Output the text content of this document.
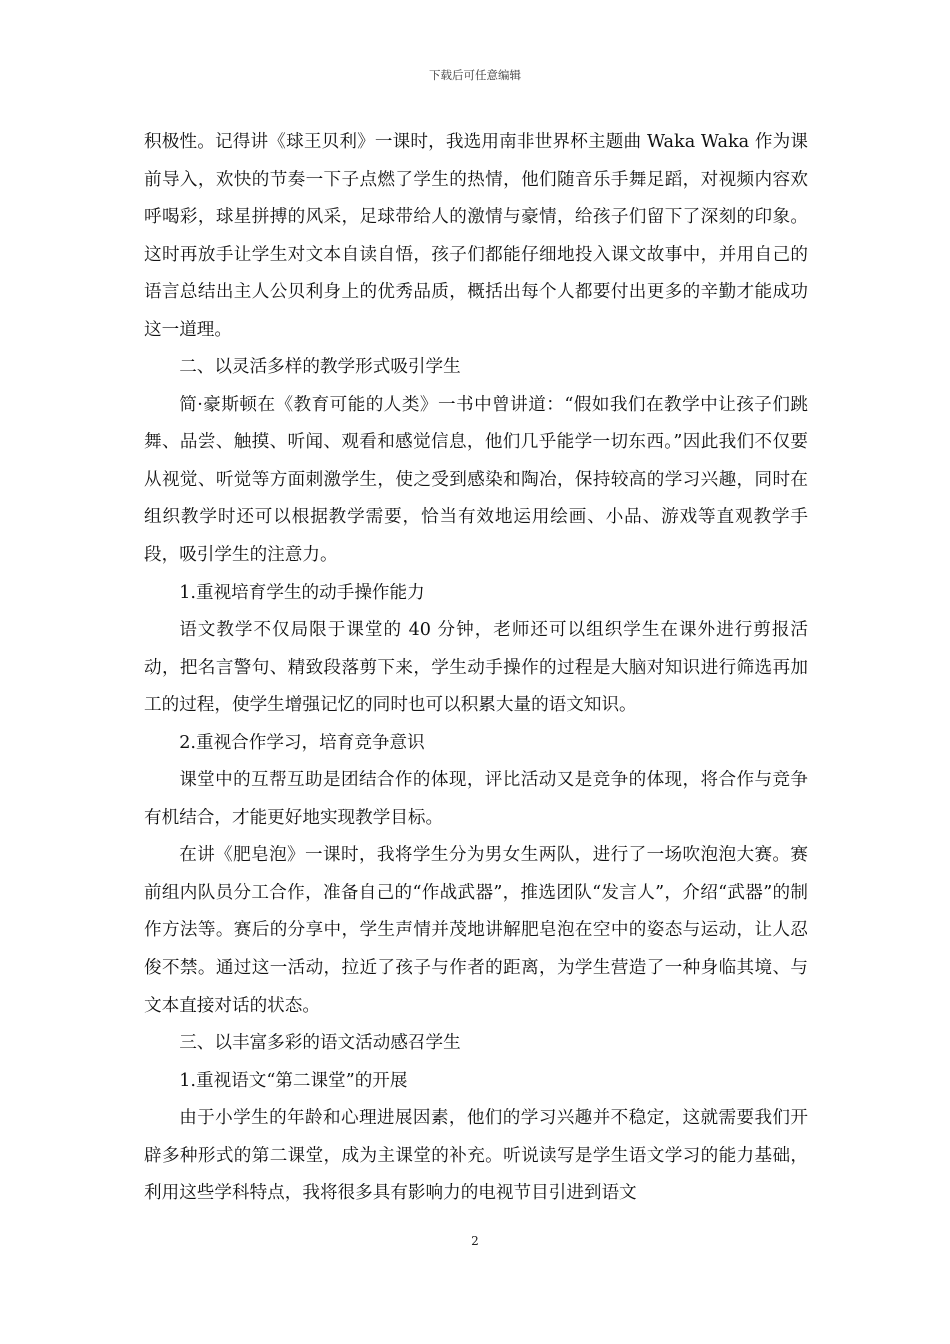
下载后可任意编辑

积极性。记得讲《球王贝利》一课时，我选用南非世界杯主题曲 Waka Waka 作为课前导入，欢快的节奏一下子点燃了学生的热情，他们随音乐手舞足蹈，对视频内容欢呼喝彩，球星拼搏的风采，足球带给人的激情与豪情，给孩子们留下了深刻的印象。这时再放手让学生对文本自读自悟，孩子们都能仔细地投入课文故事中，并用自己的语言总结出主人公贝利身上的优秀品质，概括出每个人都要付出更多的辛勤才能成功这一道理。

二、以灵活多样的教学形式吸引学生

简·豪斯顿在《教育可能的人类》一书中曾讲道：“假如我们在教学中让孩子们跳舞、品尝、触摸、听闻、观看和感觉信息，他们几乎能学一切东西。”因此我们不仅要从视觉、听觉等方面刺激学生，使之受到感染和陶冶，保持较高的学习兴趣，同时在组织教学时还可以根据教学需要，恰当有效地运用绘画、小品、游戏等直观教学手段，吸引学生的注意力。

1.重视培育学生的动手操作能力

语文教学不仅局限于课堂的 40 分钟，老师还可以组织学生在课外进行剪报活动，把名言警句、精致段落剪下来，学生动手操作的过程是大脑对知识进行筛选再加工的过程，使学生增强记忆的同时也可以积累大量的语文知识。

2.重视合作学习，培育竞争意识

课堂中的互帮互助是团结合作的体现，评比活动又是竞争的体现，将合作与竞争有机结合，才能更好地实现教学目标。

在讲《肥皂泡》一课时，我将学生分为男女生两队，进行了一场吹泡泡大赛。赛前组内队员分工合作，准备自己的“作战武器”，推选团队“发言人”，介绍“武器”的制作方法等。赛后的分享中，学生声情并茂地讲解肥皂泡在空中的姿态与运动，让人忍俊不禁。通过这一活动，拉近了孩子与作者的距离，为学生营造了一种身临其境、与文本直接对话的状态。

三、以丰富多彩的语文活动感召学生

1.重视语文“第二课堂”的开展

由于小学生的年龄和心理进展因素，他们的学习兴趣并不稳定，这就需要我们开辟多种形式的第二课堂，成为主课堂的补充。听说读写是学生语文学习的能力基础，利用这些学科特点，我将很多具有影响力的电视节目引进到语文

2
